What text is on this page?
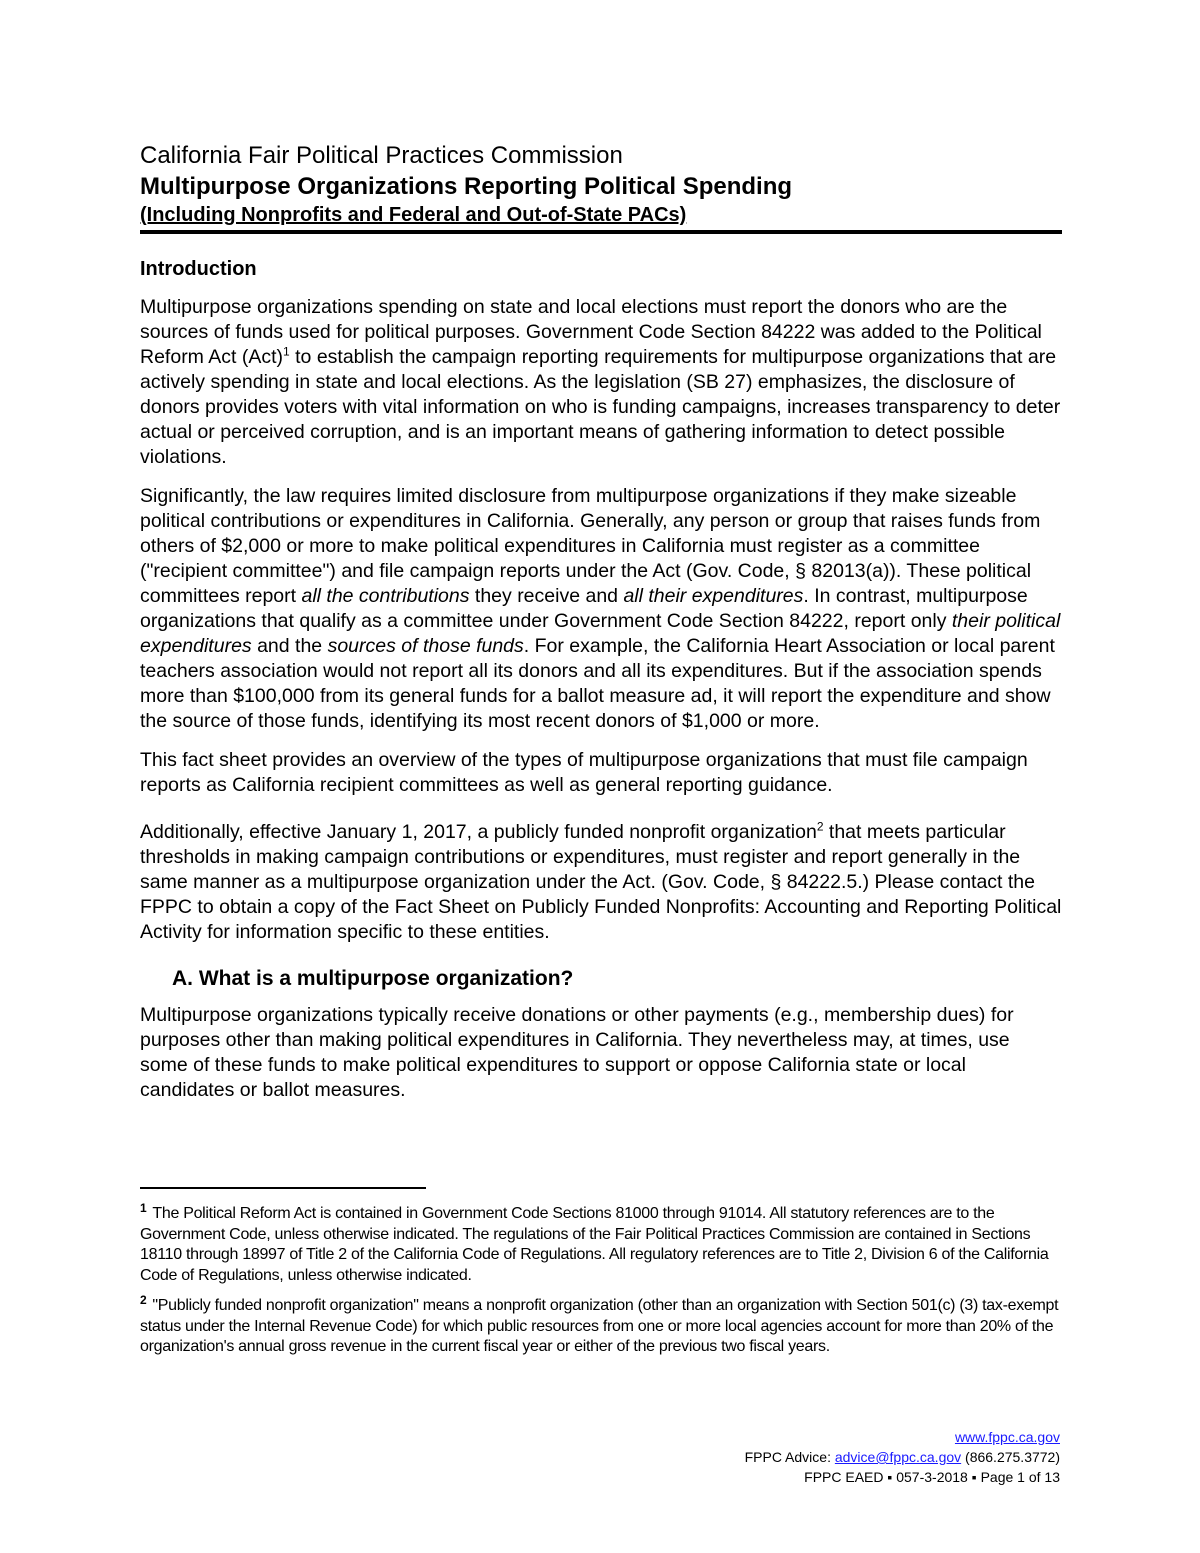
California Fair Political Practices Commission
Multipurpose Organizations Reporting Political Spending
(Including Nonprofits and Federal and Out-of-State PACs)
Introduction

Multipurpose organizations spending on state and local elections must report the donors who are the sources of funds used for political purposes. Government Code Section 84222 was added to the Political Reform Act (Act)$^1$ to establish the campaign reporting requirements for multipurpose organizations that are actively spending in state and local elections. As the legislation (SB 27) emphasizes, the disclosure of donors provides voters with vital information on who is funding campaigns, increases transparency to deter actual or perceived corruption, and is an important means of gathering information to detect possible violations.

Significantly, the law requires limited disclosure from multipurpose organizations if they make sizeable political contributions or expenditures in California. Generally, any person or group that raises funds from others of $2,000 or more to make political expenditures in California must register as a committee ("recipient committee") and file campaign reports under the Act (Gov. Code, § 82013(a)). These political committees report all the contributions they receive and all their expenditures. In contrast, multipurpose organizations that qualify as a committee under Government Code Section 84222, report only their political expenditures and the sources of those funds. For example, the California Heart Association or local parent teachers association would not report all its donors and all its expenditures. But if the association spends more than $100,000 from its general funds for a ballot measure ad, it will report the expenditure and show the source of those funds, identifying its most recent donors of $1,000 or more.

This fact sheet provides an overview of the types of multipurpose organizations that must file campaign reports as California recipient committees as well as general reporting guidance.

Additionally, effective January 1, 2017, a publicly funded nonprofit organization$^2$ that meets particular thresholds in making campaign contributions or expenditures, must register and report generally in the same manner as a multipurpose organization under the Act. (Gov. Code, § 84222.5.) Please contact the FPPC to obtain a copy of the Fact Sheet on Publicly Funded Nonprofits: Accounting and Reporting Political Activity for information specific to these entities.

A. What is a multipurpose organization?

Multipurpose organizations typically receive donations or other payments (e.g., membership dues) for purposes other than making political expenditures in California. They nevertheless may, at times, use some of these funds to make political expenditures to support or oppose California state or local candidates or ballot measures.

$^1$ The Political Reform Act is contained in Government Code Sections 81000 through 91014. All statutory references are to the Government Code, unless otherwise indicated. The regulations of the Fair Political Practices Commission are contained in Sections 18110 through 18997 of Title 2 of the California Code of Regulations. All regulatory references are to Title 2, Division 6 of the California Code of Regulations, unless otherwise indicated.
$^2$ "Publicly funded nonprofit organization" means a nonprofit organization (other than an organization with Section 501(c) (3) tax-exempt status under the Internal Revenue Code) for which public resources from one or more local agencies account for more than 20% of the organization's annual gross revenue in the current fiscal year or either of the previous two fiscal years.
www.fppc.ca.gov
FPPC Advice: advice@fppc.ca.gov (866.275.3772)
FPPC EAED ▪ 057-3-2018 ▪ Page 1 of 13
